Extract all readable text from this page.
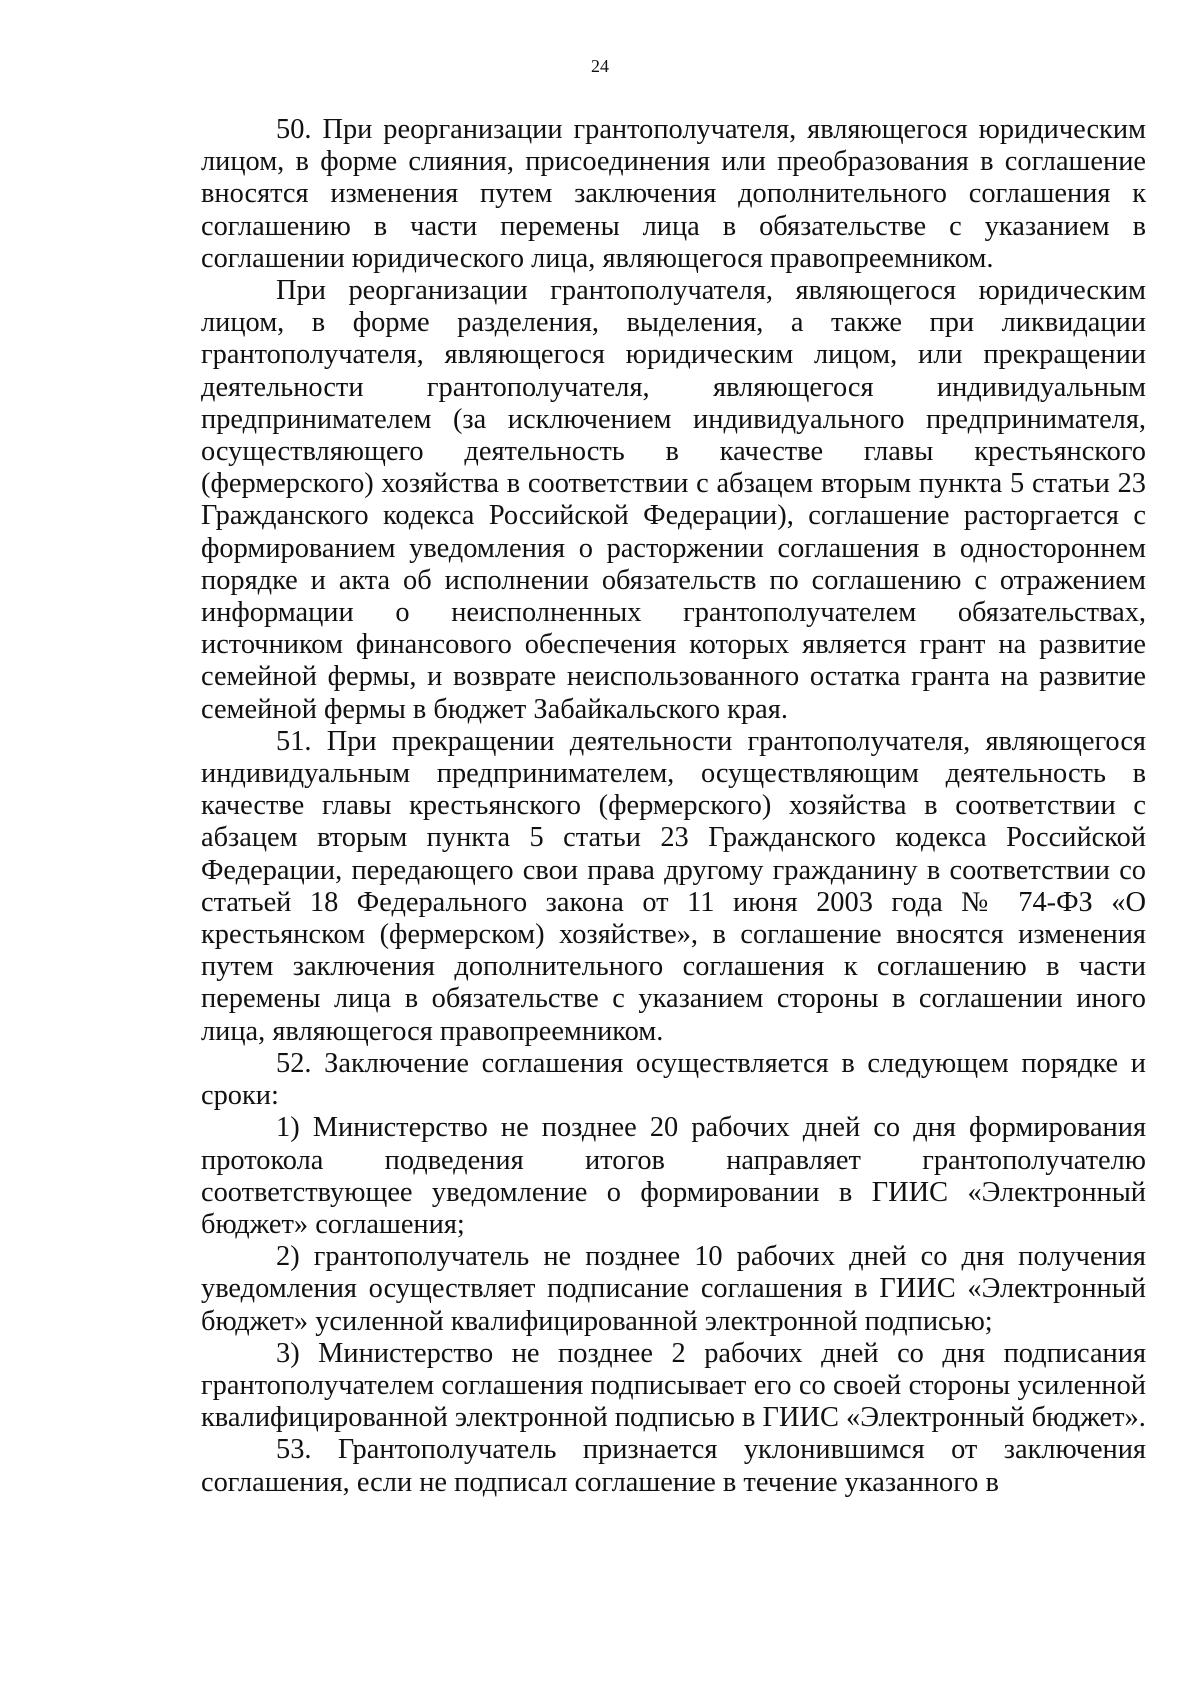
24

50. При реорганизации грантополучателя, являющегося юридическим лицом, в форме слияния, присоединения или преобразования в соглашение вносятся изменения путем заключения дополнительного соглашения к соглашению в части перемены лица в обязательстве с указанием в соглашении юридического лица, являющегося правопреемником.

При реорганизации грантополучателя, являющегося юридическим лицом, в форме разделения, выделения, а также при ликвидации грантополучателя, являющегося юридическим лицом, или прекращении деятельности грантополучателя, являющегося индивидуальным предпринимателем (за исключением индивидуального предпринимателя, осуществляющего деятельность в качестве главы крестьянского (фермерского) хозяйства в соответствии с абзацем вторым пункта 5 статьи 23 Гражданского кодекса Российской Федерации), соглашение расторгается с формированием уведомления о расторжении соглашения в одностороннем порядке и акта об исполнении обязательств по соглашению с отражением информации о неисполненных грантополучателем обязательствах, источником финансового обеспечения которых является грант на развитие семейной фермы, и возврате неиспользованного остатка гранта на развитие семейной фермы в бюджет Забайкальского края.

51. При прекращении деятельности грантополучателя, являющегося индивидуальным предпринимателем, осуществляющим деятельность в качестве главы крестьянского (фермерского) хозяйства в соответствии с абзацем вторым пункта 5 статьи 23 Гражданского кодекса Российской Федерации, передающего свои права другому гражданину в соответствии со статьей 18 Федерального закона от 11 июня 2003 года № 74-ФЗ «О крестьянском (фермерском) хозяйстве», в соглашение вносятся изменения путем заключения дополнительного соглашения к соглашению в части перемены лица в обязательстве с указанием стороны в соглашении иного лица, являющегося правопреемником.

52. Заключение соглашения осуществляется в следующем порядке и сроки:

1) Министерство не позднее 20 рабочих дней со дня формирования протокола подведения итогов направляет грантополучателю соответствующее уведомление о формировании в ГИИС «Электронный бюджет» соглашения;

2) грантополучатель не позднее 10 рабочих дней со дня получения уведомления осуществляет подписание соглашения в ГИИС «Электронный бюджет» усиленной квалифицированной электронной подписью;

3) Министерство не позднее 2 рабочих дней со дня подписания грантополучателем соглашения подписывает его со своей стороны усиленной квалифицированной электронной подписью в ГИИС «Электронный бюджет».

53. Грантополучатель признается уклонившимся от заключения соглашения, если не подписал соглашение в течение указанного в
